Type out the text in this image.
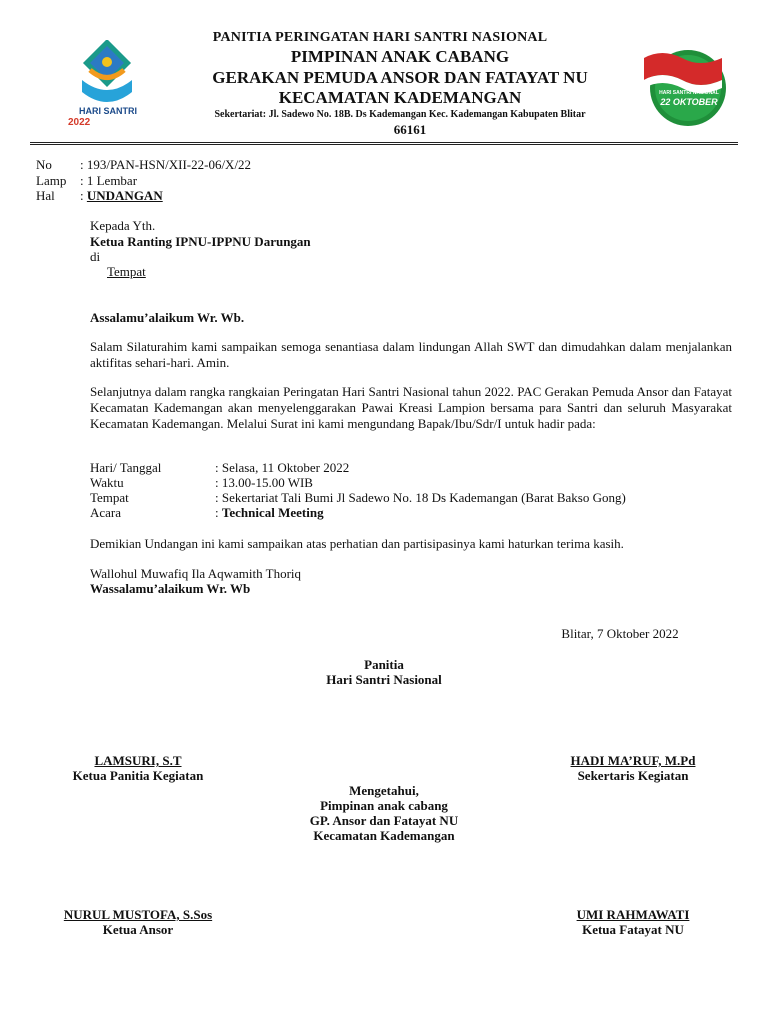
HARI SANTRI
2022
HARI SANTRI NASIONAL
22 OKTOBER
PANITIA PERINGATAN HARI SANTRI NASIONAL
PIMPINAN ANAK CABANG
GERAKAN PEMUDA ANSOR DAN FATAYAT NU
KECAMATAN KADEMANGAN
Sekertariat: Jl. Sadewo No. 18B. Ds Kademangan Kec. Kademangan Kabupaten Blitar
66161
No	: 193/PAN-HSN/XII-22-06/X/22
Lamp	: 1 Lembar
Hal	: UNDANGAN
Kepada Yth.
Ketua Ranting IPNU-IPPNU Darungan
di
Tempat
Assalamu’alaikum Wr. Wb.
Salam Silaturahim kami sampaikan semoga senantiasa dalam lindungan Allah SWT dan dimudahkan dalam menjalankan aktifitas sehari-hari. Amin.
Selanjutnya dalam rangka rangkaian Peringatan Hari Santri Nasional tahun 2022. PAC Gerakan Pemuda Ansor dan Fatayat Kecamatan Kademangan akan menyelenggarakan Pawai Kreasi Lampion bersama para Santri dan seluruh Masyarakat Kecamatan Kademangan. Melalui Surat ini kami mengundang Bapak/Ibu/Sdr/I untuk hadir pada:
Hari/ Tanggal	: Selasa, 11 Oktober 2022
Waktu	: 13.00-15.00 WIB
Tempat	: Sekertariat Tali Bumi Jl Sadewo No. 18 Ds Kademangan (Barat Bakso Gong)
Acara	: Technical Meeting
Demikian Undangan ini kami sampaikan atas perhatian dan partisipasinya kami haturkan terima kasih.
Wallohul Muwafiq Ila Aqwamith Thoriq
Wassalamu’alaikum Wr. Wb
Blitar, 7 Oktober 2022
Panitia
Hari Santri Nasional
LAMSURI, S.T
Ketua Panitia Kegiatan
HADI MA’RUF, M.Pd
Sekertaris Kegiatan
Mengetahui,
Pimpinan anak cabang
GP. Ansor dan Fatayat NU
Kecamatan Kademangan
NURUL MUSTOFA, S.Sos
Ketua Ansor
UMI RAHMAWATI
Ketua Fatayat NU
